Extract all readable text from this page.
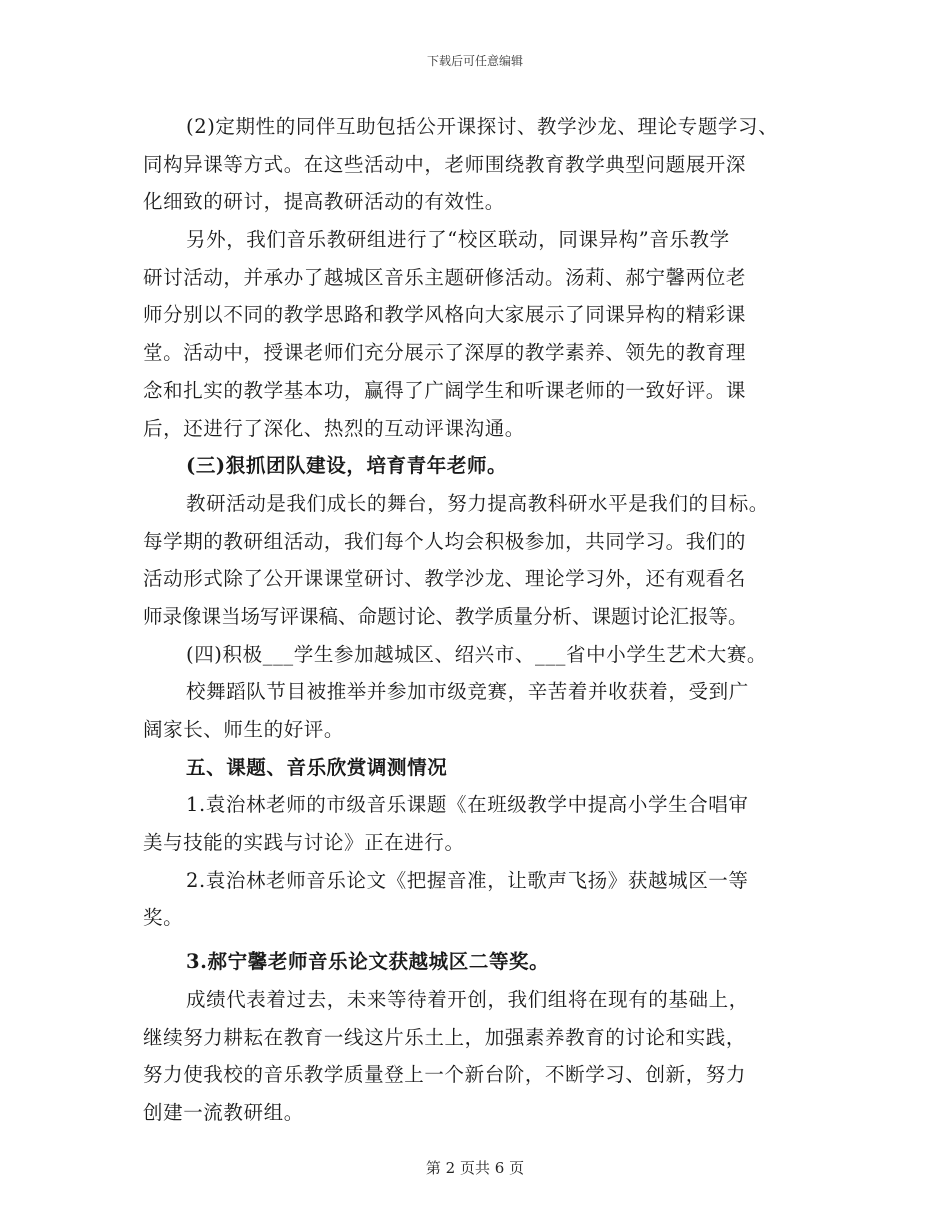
下载后可任意编辑
(2)定期性的同伴互助包括公开课探讨、教学沙龙、理论专题学习、
同构异课等方式。在这些活动中，老师围绕教育教学典型问题展开深
化细致的研讨，提高教研活动的有效性。
另外，我们音乐教研组进行了“校区联动，同课异构”音乐教学
研讨活动，并承办了越城区音乐主题研修活动。汤莉、郝宁馨两位老
师分别以不同的教学思路和教学风格向大家展示了同课异构的精彩课
堂。活动中，授课老师们充分展示了深厚的教学素养、领先的教育理
念和扎实的教学基本功，赢得了广阔学生和听课老师的一致好评。课
后，还进行了深化、热烈的互动评课沟通。
(三)狠抓团队建设，培育青年老师。
教研活动是我们成长的舞台，努力提高教科研水平是我们的目标。
每学期的教研组活动，我们每个人均会积极参加，共同学习。我们的
活动形式除了公开课课堂研讨、教学沙龙、理论学习外，还有观看名
师录像课当场写评课稿、命题讨论、教学质量分析、课题讨论汇报等。
(四)积极___学生参加越城区、绍兴市、___省中小学生艺术大赛。
校舞蹈队节目被推举并参加市级竞赛，辛苦着并收获着，受到广
阔家长、师生的好评。
五、课题、音乐欣赏调测情况
1.袁治林老师的市级音乐课题《在班级教学中提高小学生合唱审
美与技能的实践与讨论》正在进行。
2.袁治林老师音乐论文《把握音准，让歌声飞扬》获越城区一等
奖。
3.郝宁馨老师音乐论文获越城区二等奖。
成绩代表着过去，未来等待着开创，我们组将在现有的基础上，
继续努力耕耘在教育一线这片乐土上，加强素养教育的讨论和实践，
努力使我校的音乐教学质量登上一个新台阶，不断学习、创新，努力
创建一流教研组。
第 2 页共 6 页
